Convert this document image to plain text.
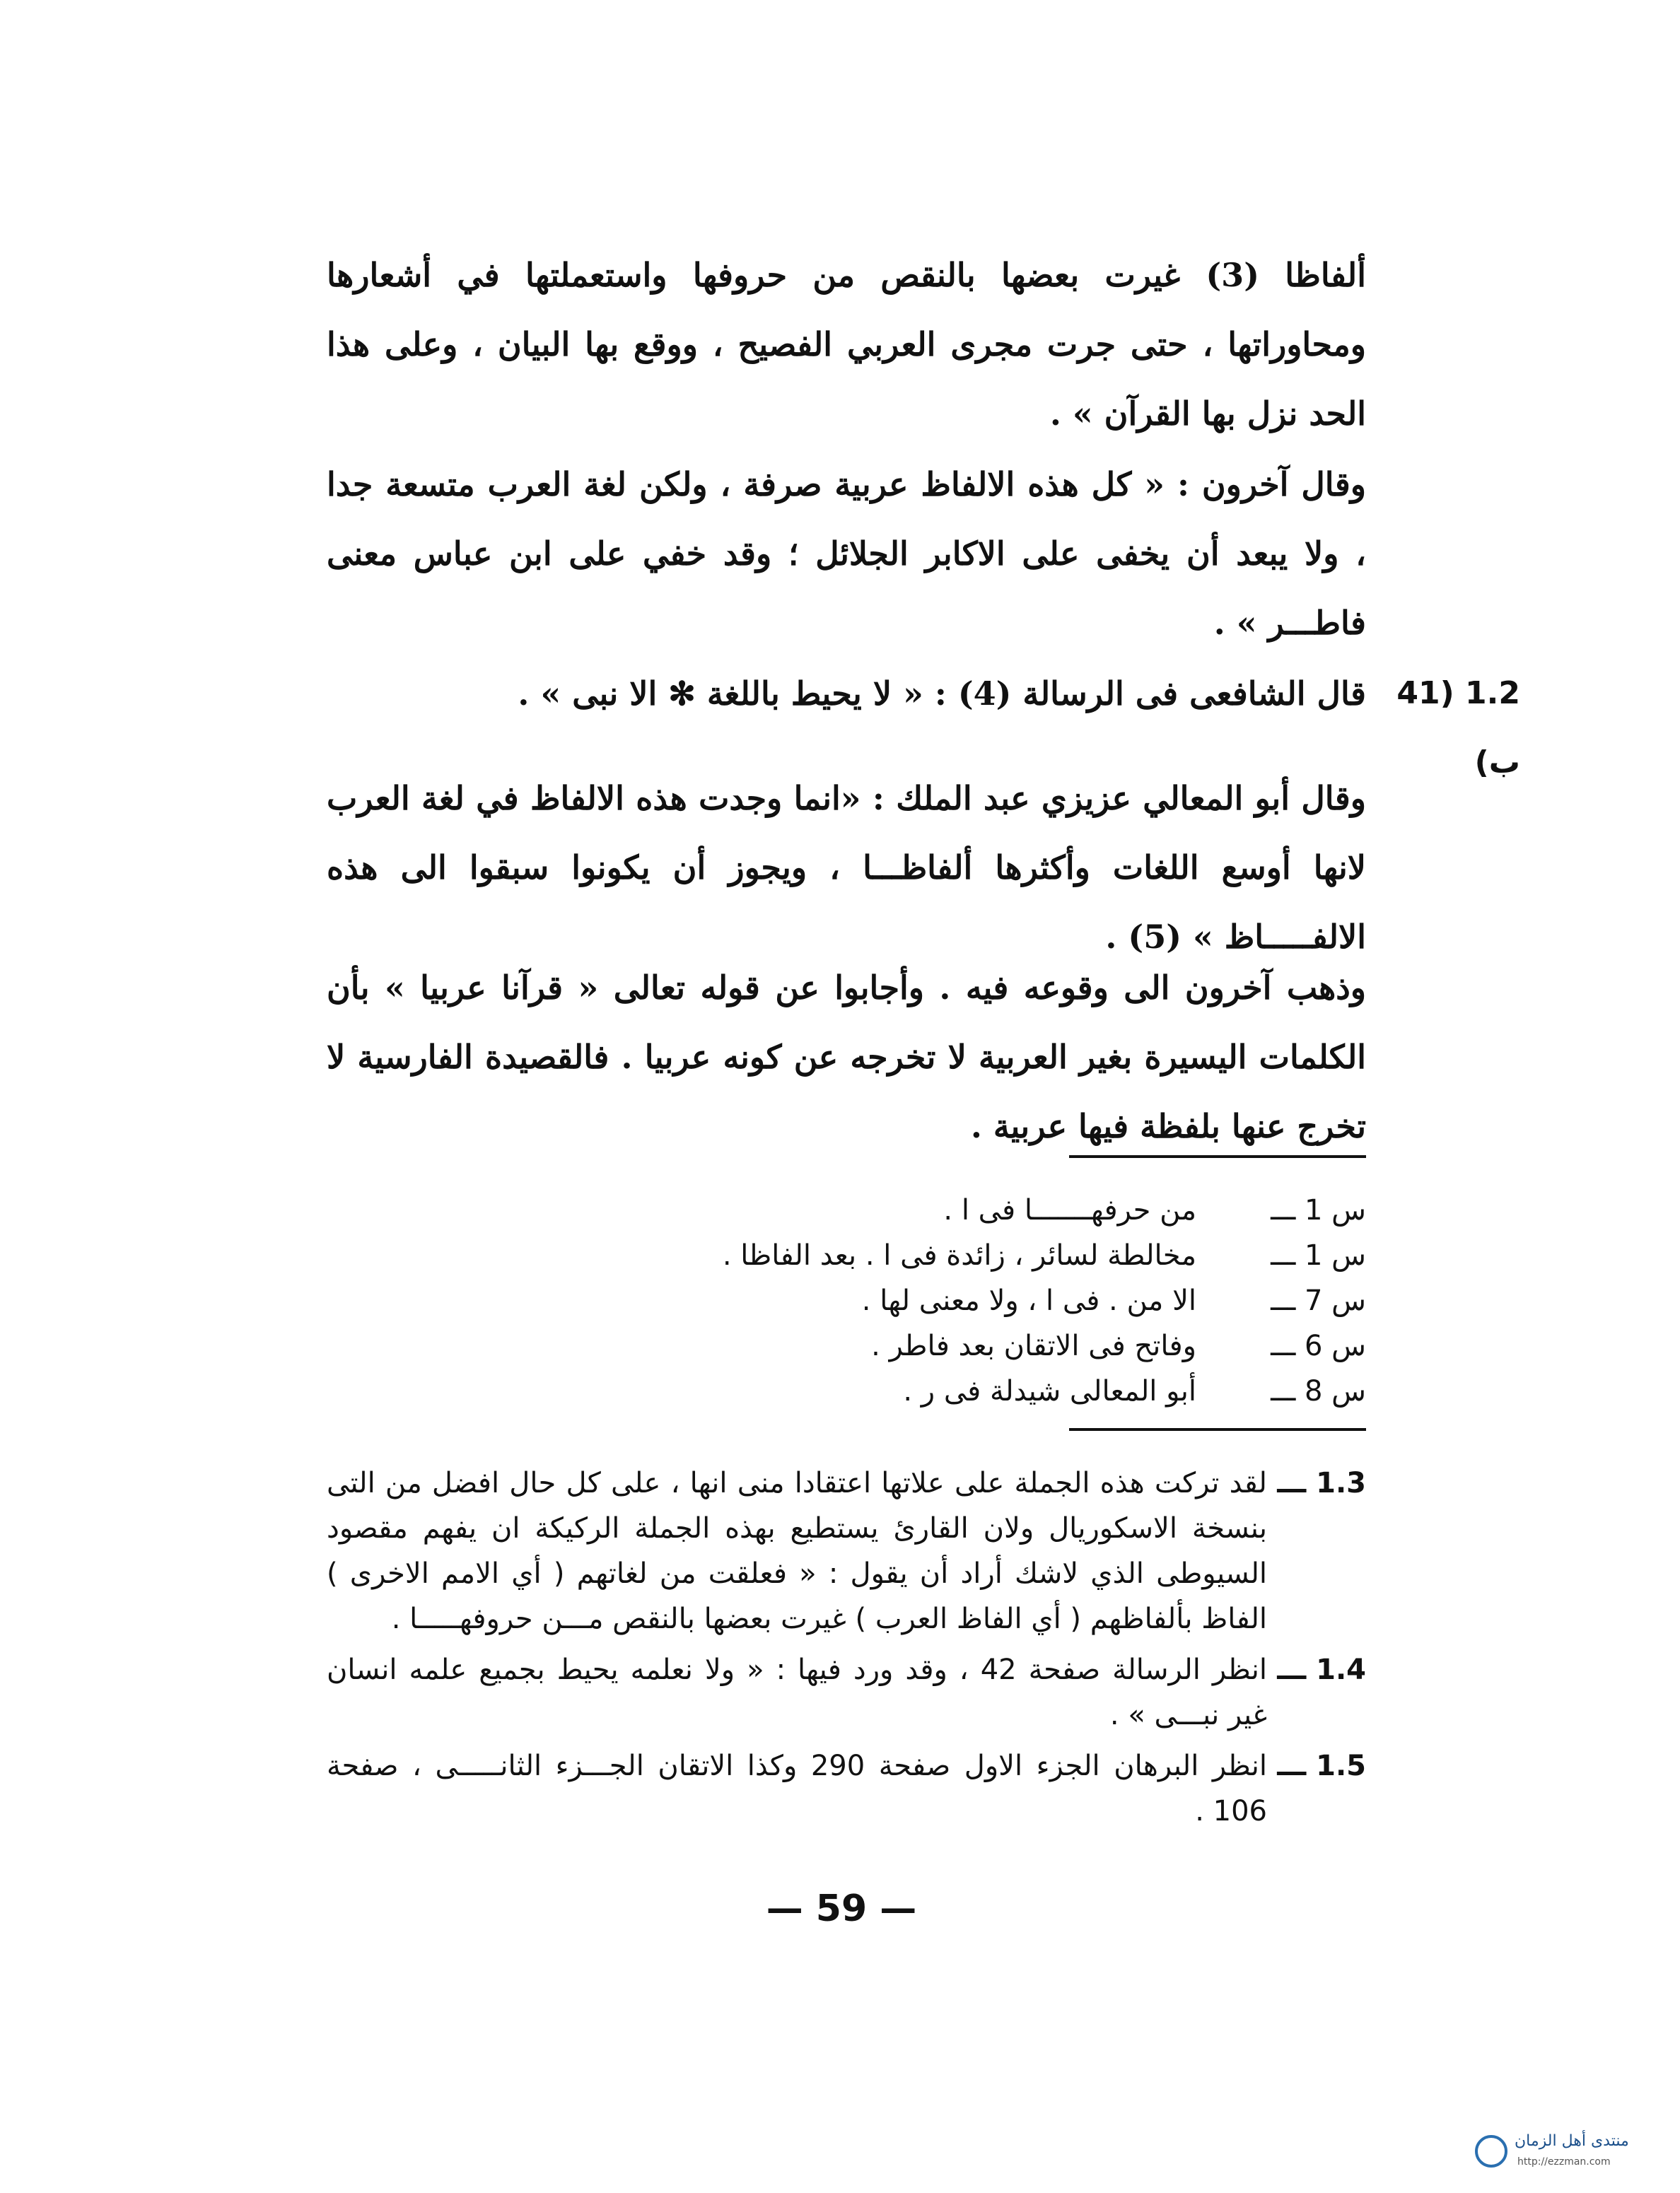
ألفاظا (3) غيرت بعضها بالنقص من حروفها واستعملتها في أشعارها ومحاوراتها ، حتى جرت مجرى العربي الفصيح ، ووقع بها البيان ، وعلى هذا الحد نزل بها القرآن » .

وقال آخرون : « كل هذه الالفاظ عربية صرفة ، ولكن لغة العرب متسعة جدا ، ولا يبعد أن يخفى على الاكابر الجلائل ؛ وقد خفي على ابن عباس معنى فاطـــر » .

1.2 (41 ب)

قال الشافعى فى الرسالة (4) : « لا يحيط باللغة ✻ الا نبى » .

وقال أبو المعالي عزيزي عبد الملك : «انما وجدت هذه الالفاظ في لغة العرب لانها أوسع اللغات وأكثرها ألفاظـــا ، ويجوز أن يكونوا سبقوا الى هذه الالفـــــاظ » (5) .

وذهب آخرون الى وقوعه فيه . وأجابوا عن قوله تعالى « قرآنا عربيا » بأن الكلمات اليسيرة بغير العربية لا تخرجه عن كونه عربيا . فالقصيدة الفارسية لا تخرج عنها بلفظة فيها عربية .

س 1 ـــ
من حرفهـــــــا فى ا .
س 1 ـــ
مخالطة لسائر ، زائدة فى ا . بعد الفاظا .
س 7 ـــ
الا من . فى ا ، ولا معنى لها .
س 6 ـــ
وفاتح فى الاتقان بعد فاطر .
س 8 ـــ
أبو المعالى شيدلة فى ر .
1.3 ـــ
لقد تركت هذه الجملة على علاتها اعتقادا منى انها ، على كل حال افضل من التى بنسخة الاسكوريال ولان القارئ يستطيع بهذه الجملة الركيكة ان يفهم مقصود السيوطى الذي لاشك أراد أن يقول : « فعلقت من لغاتهم ( أي الامم الاخرى ) الفاظ بألفاظهم ( أي الفاظ العرب ) غيرت بعضها بالنقص مـــن حروفهـــــا .
1.4 ـــ
انظر الرسالة صفحة 42 ، وقد ورد فيها : « ولا نعلمه يحيط بجميع علمه انسان غير نبـــى » .
1.5 ـــ
انظر البرهان الجزء الاول صفحة 290 وكذا الاتقان الجـــزء الثانـــــى ، صفحة 106 .
— 59 —
منتدى أهل الزمان
http://ezzman.com
